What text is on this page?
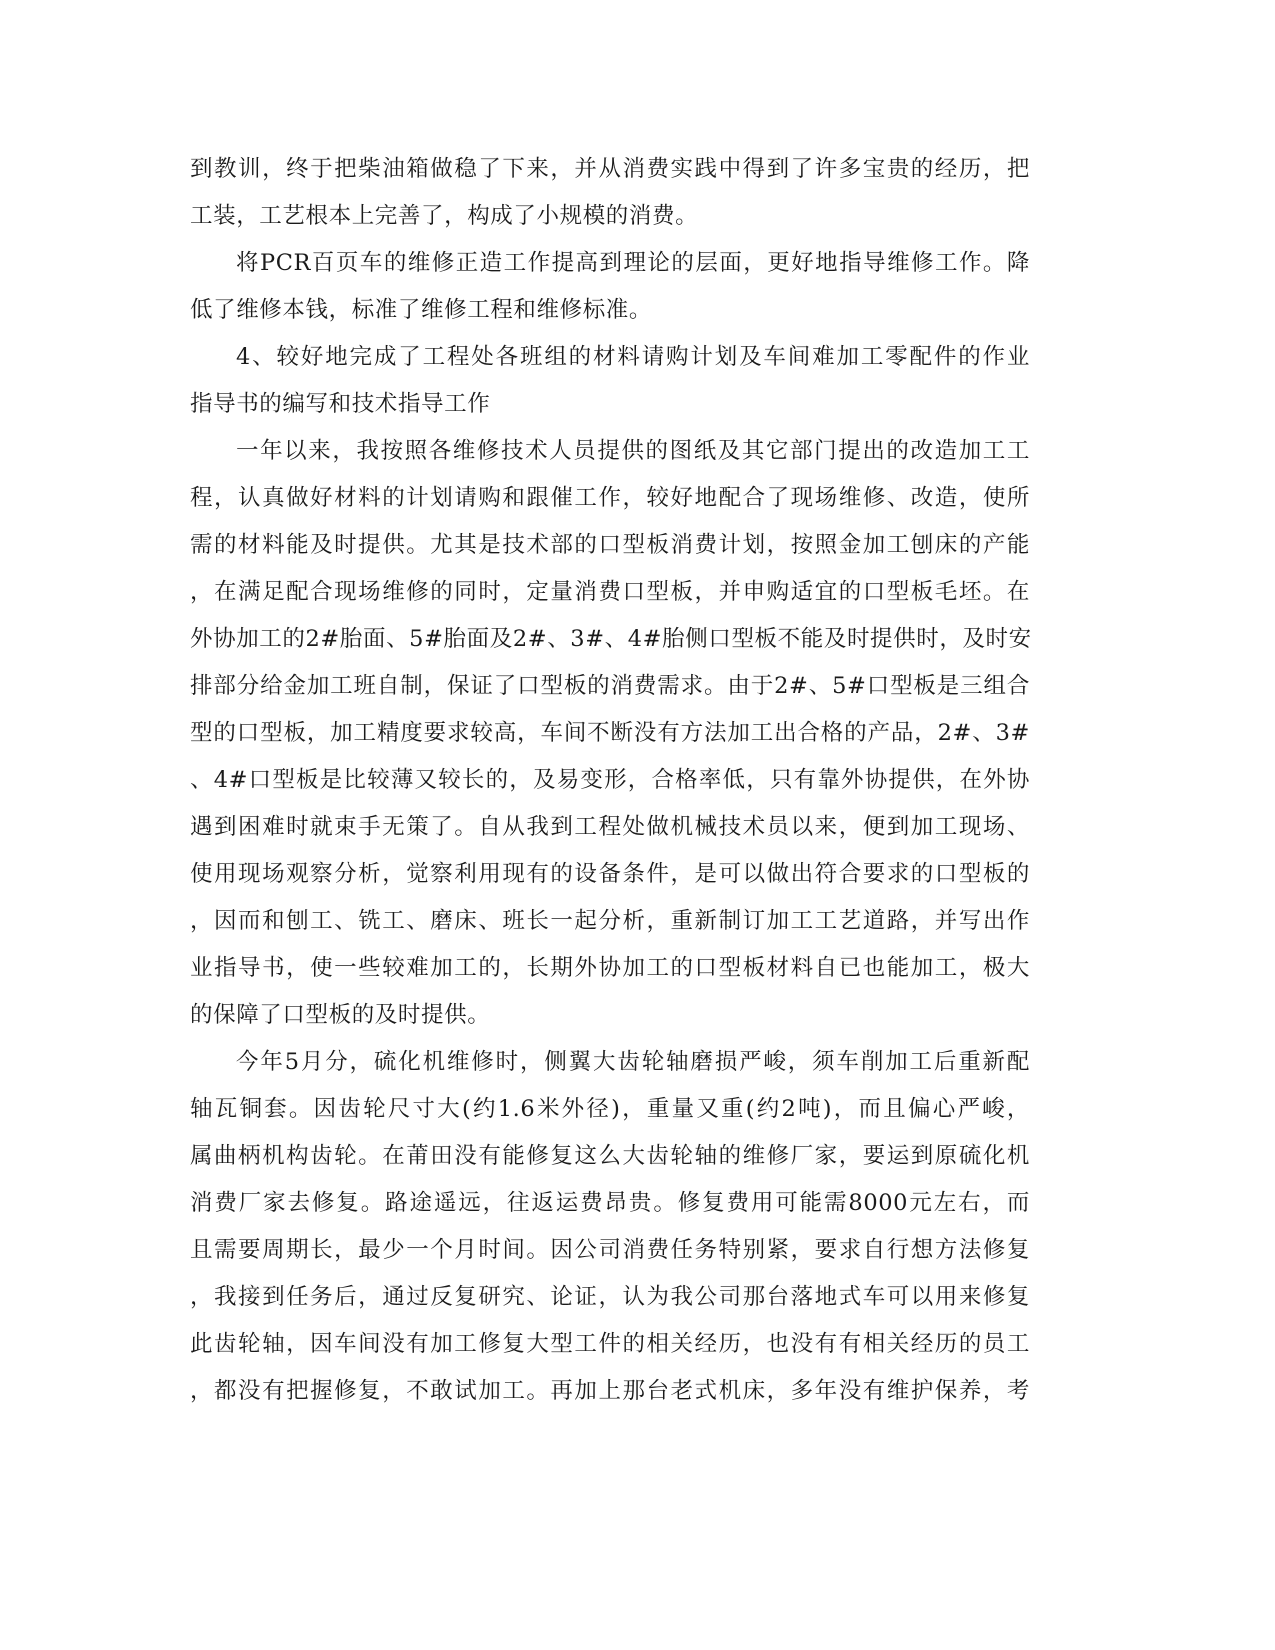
到教训，终于把柴油箱做稳了下来，并从消费实践中得到了许多宝贵的经历，把
工装，工艺根本上完善了，构成了小规模的消费。
将PCR百页车的维修正造工作提高到理论的层面，更好地指导维修工作。降
低了维修本钱，标准了维修工程和维修标准。
4、较好地完成了工程处各班组的材料请购计划及车间难加工零配件的作业
指导书的编写和技术指导工作
一年以来，我按照各维修技术人员提供的图纸及其它部门提出的改造加工工
程，认真做好材料的计划请购和跟催工作，较好地配合了现场维修、改造，使所
需的材料能及时提供。尤其是技术部的口型板消费计划，按照金加工刨床的产能
，在满足配合现场维修的同时，定量消费口型板，并申购适宜的口型板毛坯。在
外协加工的2#胎面、5#胎面及2#、3#、4#胎侧口型板不能及时提供时，及时安
排部分给金加工班自制，保证了口型板的消费需求。由于2#、5#口型板是三组合
型的口型板，加工精度要求较高，车间不断没有方法加工出合格的产品，2#、3#
、4#口型板是比较薄又较长的，及易变形，合格率低，只有靠外协提供，在外协
遇到困难时就束手无策了。自从我到工程处做机械技术员以来，便到加工现场、
使用现场观察分析，觉察利用现有的设备条件，是可以做出符合要求的口型板的
，因而和刨工、铣工、磨床、班长一起分析，重新制订加工工艺道路，并写出作
业指导书，使一些较难加工的，长期外协加工的口型板材料自已也能加工，极大
的保障了口型板的及时提供。
今年5月分，硫化机维修时，侧翼大齿轮轴磨损严峻，须车削加工后重新配
轴瓦铜套。因齿轮尺寸大(约1.6米外径)，重量又重(约2吨)，而且偏心严峻，
属曲柄机构齿轮。在莆田没有能修复这么大齿轮轴的维修厂家，要运到原硫化机
消费厂家去修复。路途遥远，往返运费昂贵。修复费用可能需8000元左右，而
且需要周期长，最少一个月时间。因公司消费任务特别紧，要求自行想方法修复
，我接到任务后，通过反复研究、论证，认为我公司那台落地式车可以用来修复
此齿轮轴，因车间没有加工修复大型工件的相关经历，也没有有相关经历的员工
，都没有把握修复，不敢试加工。再加上那台老式机床，多年没有维护保养，考
